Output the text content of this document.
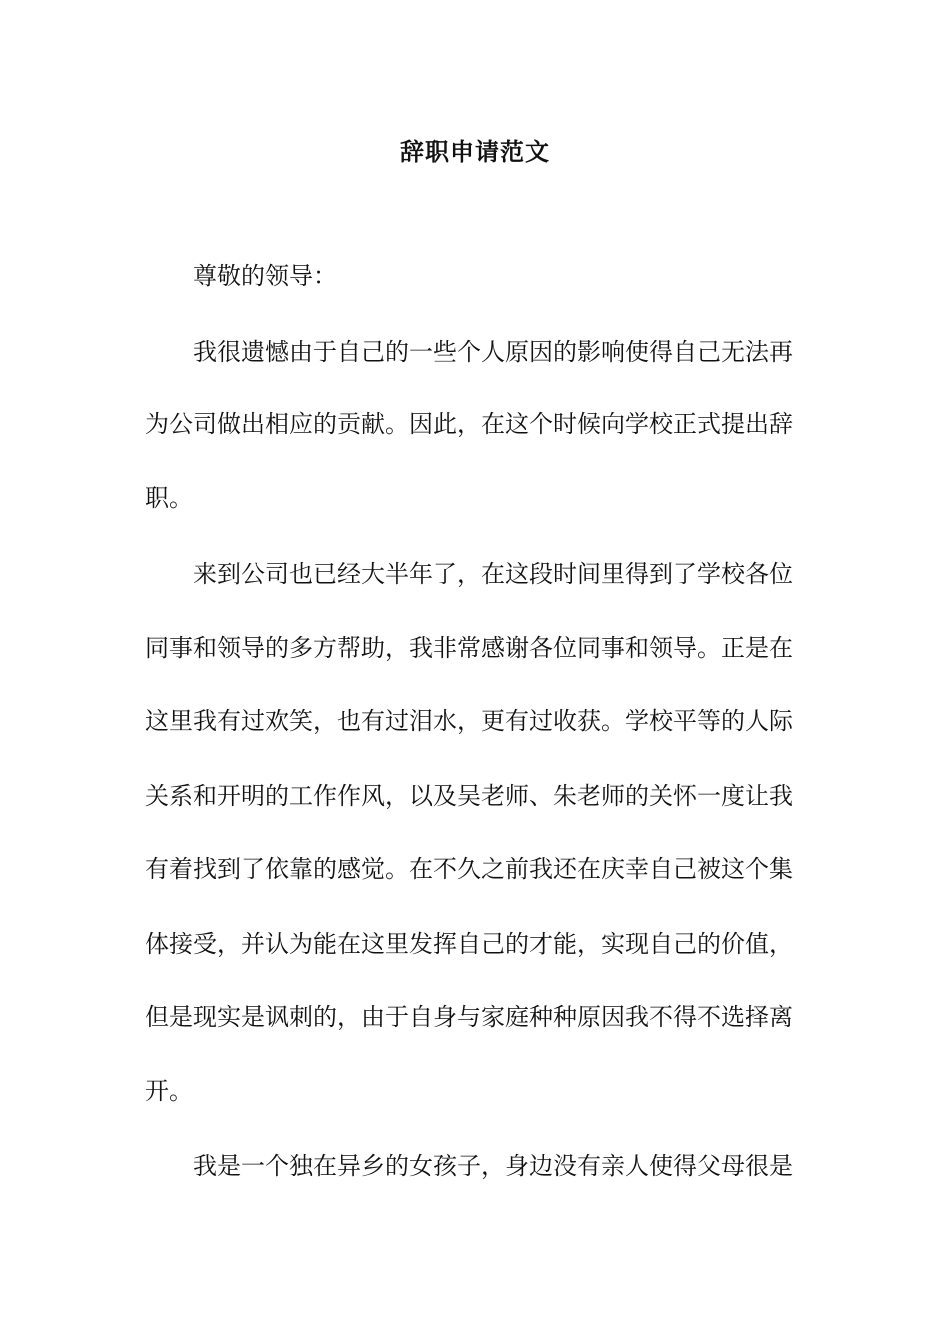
辞职申请范文
尊敬的领导：
我很遗憾由于自己的一些个人原因的影响使得自己无法再
为公司做出相应的贡献。因此，在这个时候向学校正式提出辞
职。
来到公司也已经大半年了，在这段时间里得到了学校各位
同事和领导的多方帮助，我非常感谢各位同事和领导。正是在
这里我有过欢笑，也有过泪水，更有过收获。学校平等的人际
关系和开明的工作作风，以及吴老师、朱老师的关怀一度让我
有着找到了依靠的感觉。在不久之前我还在庆幸自己被这个集
体接受，并认为能在这里发挥自己的才能，实现自己的价值，
但是现实是讽刺的，由于自身与家庭种种原因我不得不选择离
开。
我是一个独在异乡的女孩子，身边没有亲人使得父母很是
